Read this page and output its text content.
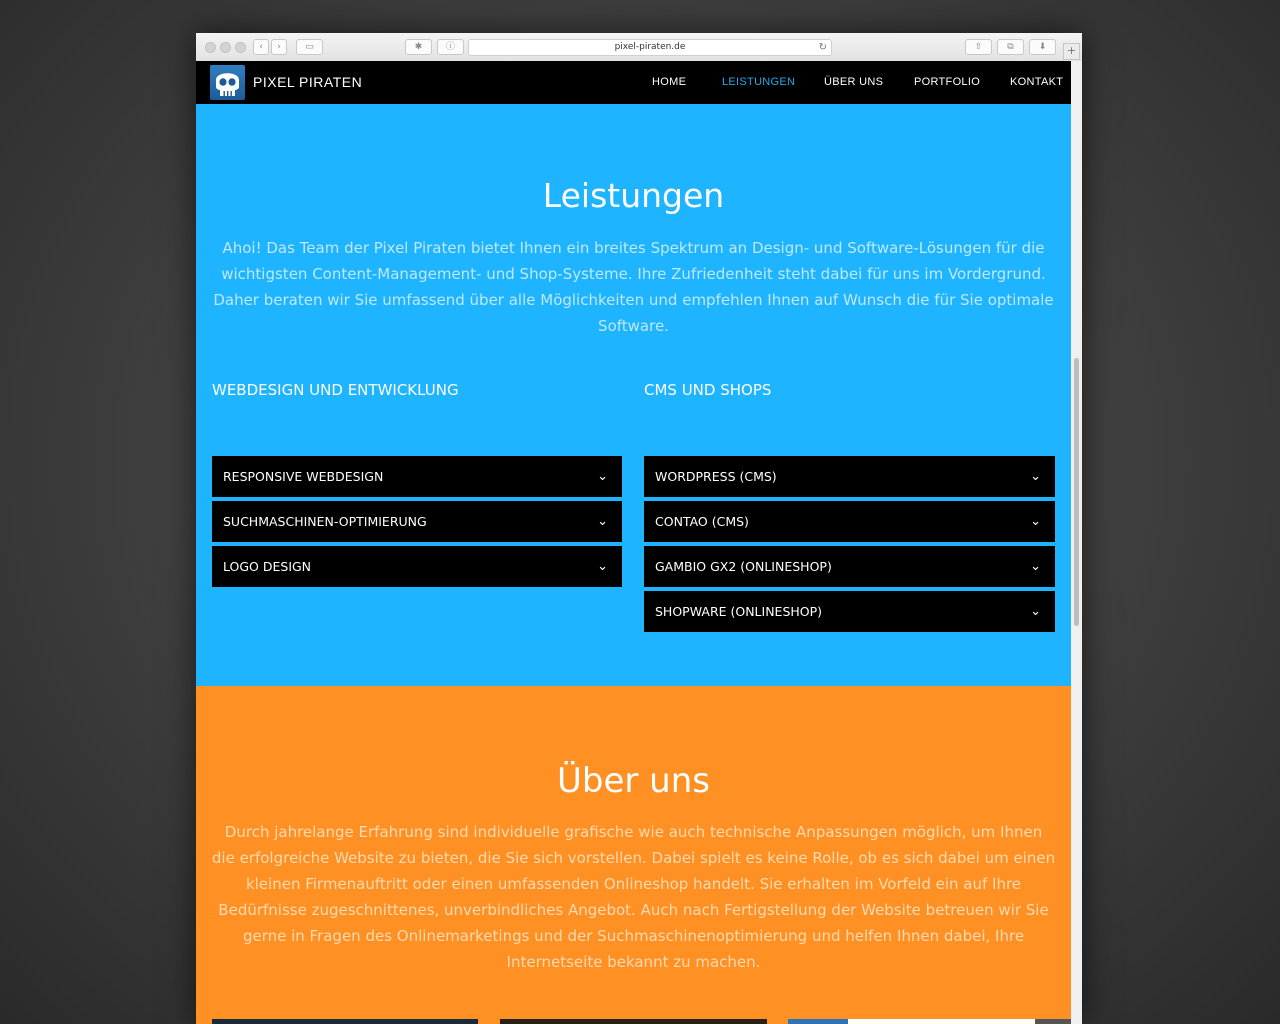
‹	›	▭	✱	ⓘ	pixel-piraten.de	↻	⇧	⧉	⬇	+
PIXEL PIRATEN	HOME	LEISTUNGEN	ÜBER UNS	PORTFOLIO	KONTAKT
Leistungen

Ahoi! Das Team der Pixel Piraten bietet Ihnen ein breites Spektrum an Design- und Software-Lösungen für die wichtigsten Content-Management- und Shop-Systeme. Ihre Zufriedenheit steht dabei für uns im Vordergrund. Daher beraten wir Sie umfassend über alle Möglichkeiten und empfehlen Ihnen auf Wunsch die für Sie optimale Software.

WEBDESIGN UND ENTWICKLUNG
RESPONSIVE WEBDESIGN	⌄
SUCHMASCHINEN-OPTIMIERUNG	⌄
LOGO DESIGN	⌄
CMS UND SHOPS
WORDPRESS (CMS)	⌄
CONTAO (CMS)	⌄
GAMBIO GX2 (ONLINESHOP)	⌄
SHOPWARE (ONLINESHOP)	⌄
Über uns

Durch jahrelange Erfahrung sind individuelle grafische wie auch technische Anpassungen möglich, um Ihnen die erfolgreiche Website zu bieten, die Sie sich vorstellen. Dabei spielt es keine Rolle, ob es sich dabei um einen kleinen Firmenauftritt oder einen umfassenden Onlineshop handelt. Sie erhalten im Vorfeld ein auf Ihre Bedürfnisse zugeschnittenes, unverbindliches Angebot. Auch nach Fertigstellung der Website betreuen wir Sie gerne in Fragen des Onlinemarketings und der Suchmaschinenoptimierung und helfen Ihnen dabei, Ihre Internetseite bekannt zu machen.
